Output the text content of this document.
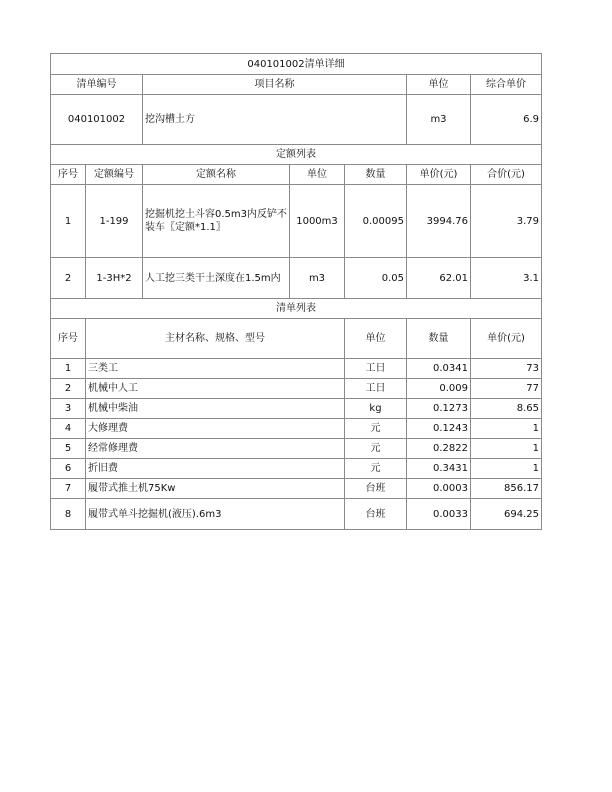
040101002清单详细							
清单编号		项目名称			单位	综合单价	
040101002		挖沟槽土方			m3	6.9	
定额列表							
序号	定额编号	定额名称	单位	数量	单价(元)	合价(元)	
1	1-199	挖掘机挖土斗容0.5m3内反铲不装车〖定额*1.1〗	1000m3	0.00095	3994.76	3.79	
2	1-3H*2	人工挖三类干土深度在1.5m内	m3	0.05	62.01	3.1	
清单列表							
序号	主材名称、规格、型号			单位	数量	单价(元)	
1	三类工			工日	0.0341	73	
2	机械中人工			工日	0.009	77	
3	机械中柴油			kg	0.1273	8.65	
4	大修理费			元	0.1243	1	
5	经常修理费			元	0.2822	1	
6	折旧费			元	0.3431	1	
7	履带式推土机75Kw			台班	0.0003	856.17	
8	履带式单斗挖掘机(液压).6m3			台班	0.0033	694.25	
